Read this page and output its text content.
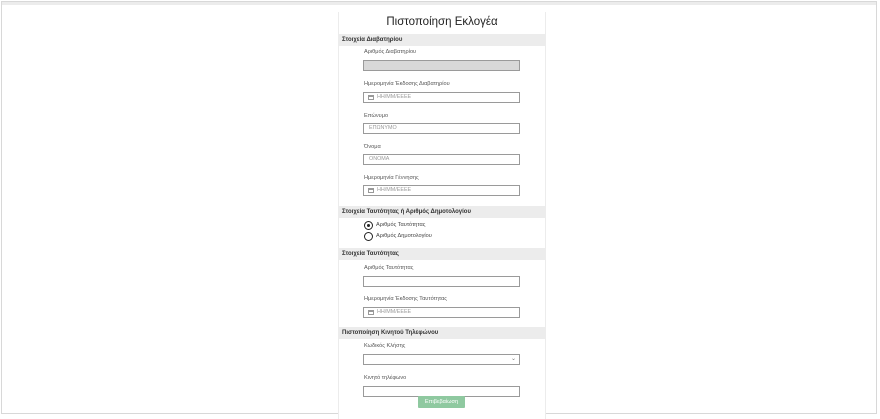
Πιστοποίηση Εκλογέα
Στοιχεία Διαβατηρίου
Αριθμός Διαβατηρίου
Ημερομηνία Έκδοσης Διαβατηρίου
ΗΗ/ΜΜ/ΕΕΕΕ
Επώνυμο
ΕΠΩΝΥΜΟ
Όνομα
ΟΝΟΜΑ
Ημερομηνία Γέννησης
ΗΗ/ΜΜ/ΕΕΕΕ
Στοιχεία Ταυτότητας ή Αριθμός Δημοτολογίου
Αριθμός Ταυτότητας
Αριθμός Δημοτολογίου
Στοιχεία Ταυτότητας
Αριθμός Ταυτότητας
Ημερομηνία Έκδοσης Ταυτότητας
ΗΗ/ΜΜ/ΕΕΕΕ
Πιστοποίηση Κινητού Τηλεφώνου
Κωδικός Κλήσης
⌄
Κινητό τηλέφωνο
Επιβεβαίωση
